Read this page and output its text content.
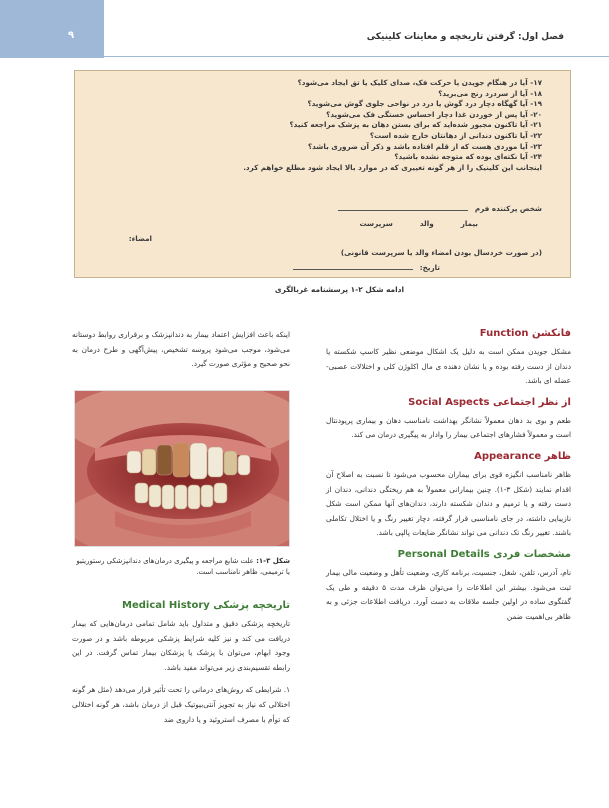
۹	فصل اول: گرفتن تاریخچه و معاینات کلینیکی
۱۷- آیا در هنگام جویدن یا حرکت فک، صدای کلیک یا تق ایجاد می‌شود؟
۱۸- آیا از سردرد رنج می‌برید؟
۱۹- آیا گهگاه دچار درد گوش یا درد در نواحی جلوی گوش می‌شوید؟
۲۰- آیا پس از خوردن غذا دچار احساس خستگی فک می‌شوید؟
۲۱- آیا تاکنون مجبور شده‌اید که برای بستن دهان به پزشک مراجعه کنید؟
۲۲- آیا تاکنون دندانی از دهانتان خارج شده است؟
۲۳- آیا موردی هست که از قلم افتاده باشد و ذکر آن ضروری باشد؟
۲۴- آیا نکته‌ای بوده که متوجه نشده باشید؟
اینجانب این کلینیک را از هر گونه تغییری که در موارد بالا ایجاد شود مطلع خواهم کرد.
شخص پرکننده فرم
بیمار  والد  سرپرست
امضاء:
(در صورت خردسال بودن امضاء والد یا سرپرست قانونی)
تاریخ:
ادامه شکل ۲-۱ پرسشنامه غربالگری
فانکشن Function
مشکل جویدن ممکن است به دلیل یک اشکال موضعی نظیر کاسپ شکسته یا دندان از دست رفته بوده و یا نشان دهنده ی مال اکلوژن کلی و اختلالات عصبی-عضله ای باشد.
از نظر اجتماعی Social Aspects
طعم و بوی بد دهان معمولاً نشانگر بهداشت نامناسب دهان و بیماری پریودنتال است و معمولاً فشارهای اجتماعی بیمار را وادار به پیگیری درمان می کند.
ظاهر Appearance
ظاهر نامناسب انگیزه قوی برای بیماران محسوب می‌شود تا نسبت به اصلاح آن اقدام نمایند (شکل ۳-۱). چنین بیمارانی معمولاً به هم ریختگی دندانی، دندان از دست رفته و یا ترمیم و دندان شکسته دارند، دندان‌های آنها ممکن است شکل نازیبایی داشته، در جای نامناسبی قرار گرفته، دچار تغییر رنگ و یا اختلال تکاملی باشند. تغییر رنگ تک دندانی می تواند نشانگر ضایعات پالپی باشد.
مشخصات فردی Personal Details
نام، آدرس، تلفن، شغل، جنسیت، برنامه کاری، وضعیت تأهل و وضعیت مالی بیمار ثبت می‌شود. بیشتر این اطلاعات را می‌توان ظرف مدت ۵ دقیقه و طی یک گفتگوی ساده در اولین جلسه ملاقات به دست آورد. دریافت اطلاعات جزئی و به ظاهر بی‌اهمیت ضمن
اینکه باعث افزایش اعتماد بیمار به دندانپزشک و برقراری روابط دوستانه می‌شود، موجب می‌شود پروسه تشخیص، پیش‌آگهی و طرح درمان به نحو صحیح و مؤثری صورت گیرد.
شکل ۳-۱: علت شایع مراجعه و پیگیری درمان‌های دندانپزشکی رستوریتیو یا ترمیمی، ظاهر نامناسب است.
تاریخچه پزشکی Medical History
تاریخچه پزشکی دقیق و متداول باید شامل تمامی درمان‌هایی که بیمار دریافت می کند و نیز کلیه شرایط پزشکی مربوطه باشد و در صورت وجود ابهام، می‌توان با پزشک یا پزشکان بیمار تماس گرفت. در این رابطه تقسیم‌بندی زیر می‌تواند مفید باشد.
۱. شرایطی که روش‌های درمانی را تحت تأثیر قرار می‌دهد (مثل هر گونه اختلالی که نیاز به تجویز آنتی‌بیوتیک قبل از درمان باشد، هر گونه اختلالی که توأم با مصرف استروئید و یا داروی ضد
